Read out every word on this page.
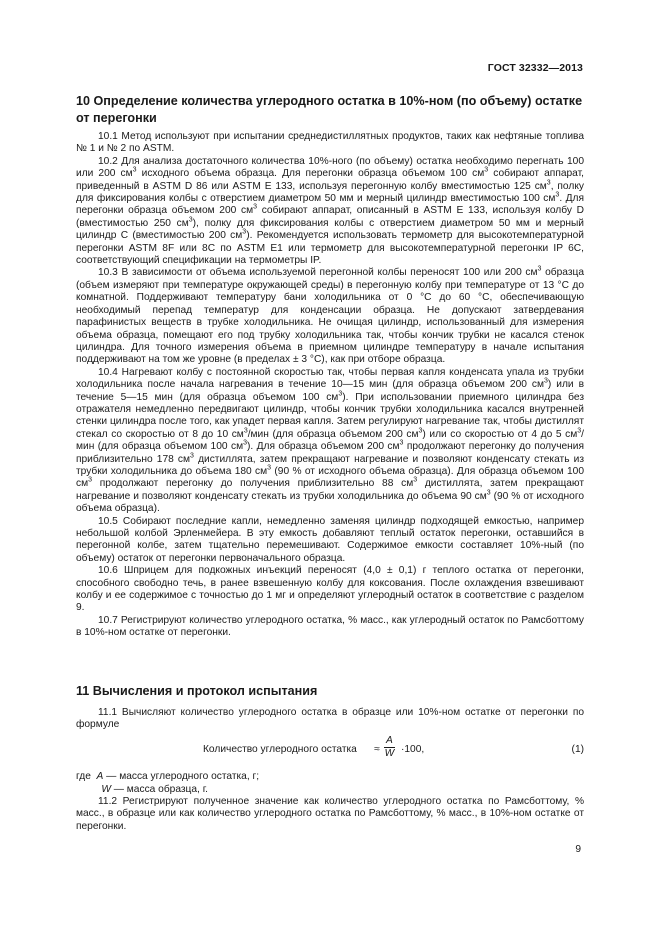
ГОСТ 32332—2013
10 Определение количества углеродного остатка в 10%-ном (по объему) остатке от перегонки

10.1 Метод используют при испытании среднедистиллятных продуктов, таких как нефтяные топлива № 1 и № 2 по ASTM.

10.2 Для анализа достаточного количества 10%-ного (по объему) остатка необходимо перегнать 100 или 200 $см^3$ исходного объема образца. Для перегонки образца объемом 100 $см^3$ собирают аппарат, приведенный в ASTM D 86 или ASTM E 133, используя перегонную колбу вместимостью 125 $см^3$, полку для фиксирования колбы с отверстием диаметром 50 мм и мерный цилиндр вместимостью 100 $см^3$. Для перегонки образца объемом 200 $см^3$ собирают аппарат, описанный в ASTM E 133, используя колбу D (вместимостью 250 $см^3$), полку для фиксирования колбы с отверстием диаметром 50 мм и мерный цилиндр С (вместимостью 200 $см^3$). Рекомендуется использовать термометр для высокотемпературной перегонки ASTM 8F или 8С по ASTM E1 или термометр для высокотемпературной перегонки IP 6C, соответствующий спецификации на термометры IP.

10.3 В зависимости от объема используемой перегонной колбы переносят 100 или 200 $см^3$ образца (объем измеряют при температуре окружающей среды) в перегонную колбу при температуре от 13 °С до комнатной. Поддерживают температуру бани холодильника от 0 °С до 60 °С, обеспечивающую необходимый перепад температур для конденсации образца. Не допускают затвердевания парафинистых веществ в трубке холодильника. Не очищая цилиндр, использованный для измерения объема образца, помещают его под трубку холодильника так, чтобы кончик трубки не касался стенок цилиндра. Для точного измерения объема в приемном цилиндре температуру в начале испытания поддерживают на том же уровне (в пределах ± 3 °С), как при отборе образца.

10.4 Нагревают колбу с постоянной скоростью так, чтобы первая капля конденсата упала из трубки холодильника после начала нагревания в течение 10—15 мин (для образца объемом 200 $см^3$) или в течение 5—15 мин (для образца объемом 100 $см^3$). При использовании приемного цилиндра без отражателя немедленно передвигают цилиндр, чтобы кончик трубки холодильника касался внутренней стенки цилиндра после того, как упадет первая капля. Затем регулируют нагревание так, чтобы дистиллят стекал со скоростью от 8 до 10 $см^3$/мин (для образца объемом 200 $см^3$) или со скоростью от 4 до 5 $см^3$/мин (для образца объемом 100 $см^3$). Для образца объемом 200 $см^3$ продолжают перегонку до получения приблизительно 178 $см^3$ дистиллята, затем прекращают нагревание и позволяют конденсату стекать из трубки холодильника до объема 180 $см^3$ (90 % от исходного объема образца). Для образца объемом 100 $см^3$ продолжают перегонку до получения приблизительно 88 $см^3$ дистиллята, затем прекращают нагревание и позволяют конденсату стекать из трубки холодильника до объема 90 $см^3$ (90 % от исходного объема образца).

10.5 Собирают последние капли, немедленно заменяя цилиндр подходящей емкостью, например небольшой колбой Эрленмейера. В эту емкость добавляют теплый остаток перегонки, оставшийся в перегонной колбе, затем тщательно перемешивают. Содержимое емкости составляет 10%-ный (по объему) остаток от перегонки первоначального образца.

10.6 Шприцем для подкожных инъекций переносят (4,0 ± 0,1) г теплого остатка от перегонки, способного свободно течь, в ранее взвешенную колбу для коксования. После охлаждения взвешивают колбу и ее содержимое с точностью до 1 мг и определяют углеродный остаток в соответствие с разделом 9.

10.7 Регистрируют количество углеродного остатка, % масс., как углеродный остаток по Рамсботтому в 10%-ном остатке от перегонки.

11 Вычисления и протокол испытания

11.1 Вычисляют количество углеродного остатка в образце или 10%-ном остатке от перегонки по формуле

Количество углеродного остатка ≈ $\frac{A}{W} \cdot 100$,	(1)
где A — масса углеродного остатка, г;
W — масса образца, г.

11.2 Регистрируют полученное значение как количество углеродного остатка по Рамсботтому, % масс., в образце или как количество углеродного остатка по Рамсботтому, % масс., в 10%-ном остатке от перегонки.

9
